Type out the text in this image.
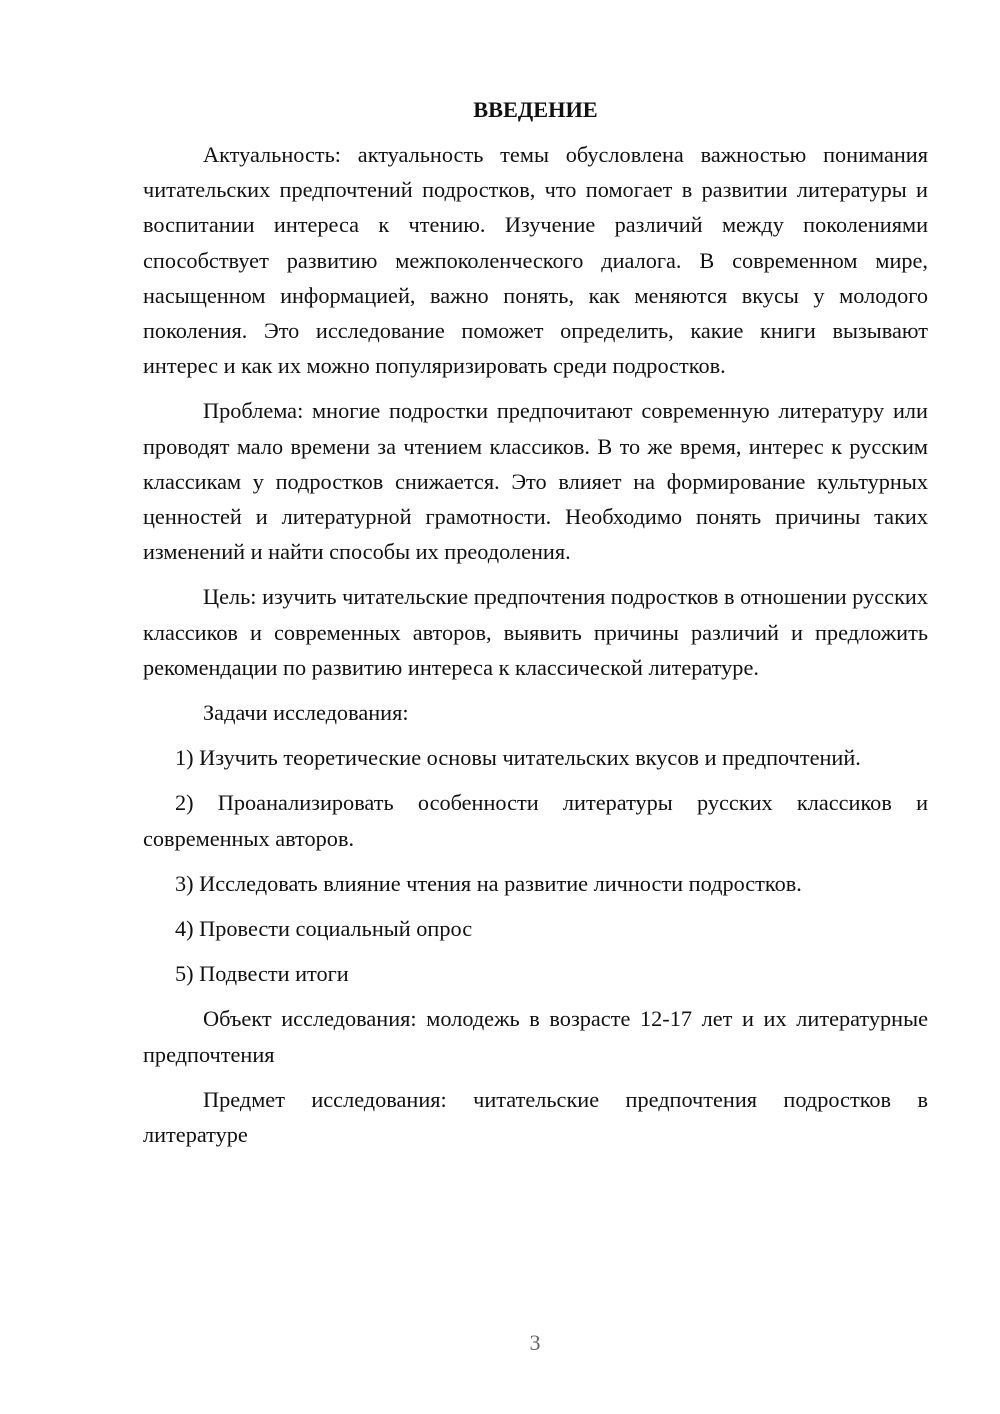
ВВЕДЕНИЕ

Актуальность: актуальность темы обусловлена важностью понимания читательских предпочтений подростков, что помогает в развитии литературы и воспитании интереса к чтению. Изучение различий между поколениями способствует развитию межпоколенческого диалога. В современном мире, насыщенном информацией, важно понять, как меняются вкусы у молодого поколения. Это исследование поможет определить, какие книги вызывают интерес и как их можно популяризировать среди подростков.

Проблема: многие подростки предпочитают современную литературу или проводят мало времени за чтением классиков. В то же время, интерес к русским классикам у подростков снижается. Это влияет на формирование культурных ценностей и литературной грамотности. Необходимо понять причины таких изменений и найти способы их преодоления.

Цель: изучить читательские предпочтения подростков в отношении русских классиков и современных авторов, выявить причины различий и предложить рекомендации по развитию интереса к классической литературе.

Задачи исследования:

1) Изучить теоретические основы читательских вкусов и предпочтений.

2) Проанализировать особенности литературы русских классиков и современных авторов.

3) Исследовать влияние чтения на развитие личности подростков.

4) Провести социальный опрос

5) Подвести итоги

Объект исследования: молодежь в возрасте 12-17 лет и их литературные предпочтения

Предмет исследования: читательские предпочтения подростков в литературе

3
